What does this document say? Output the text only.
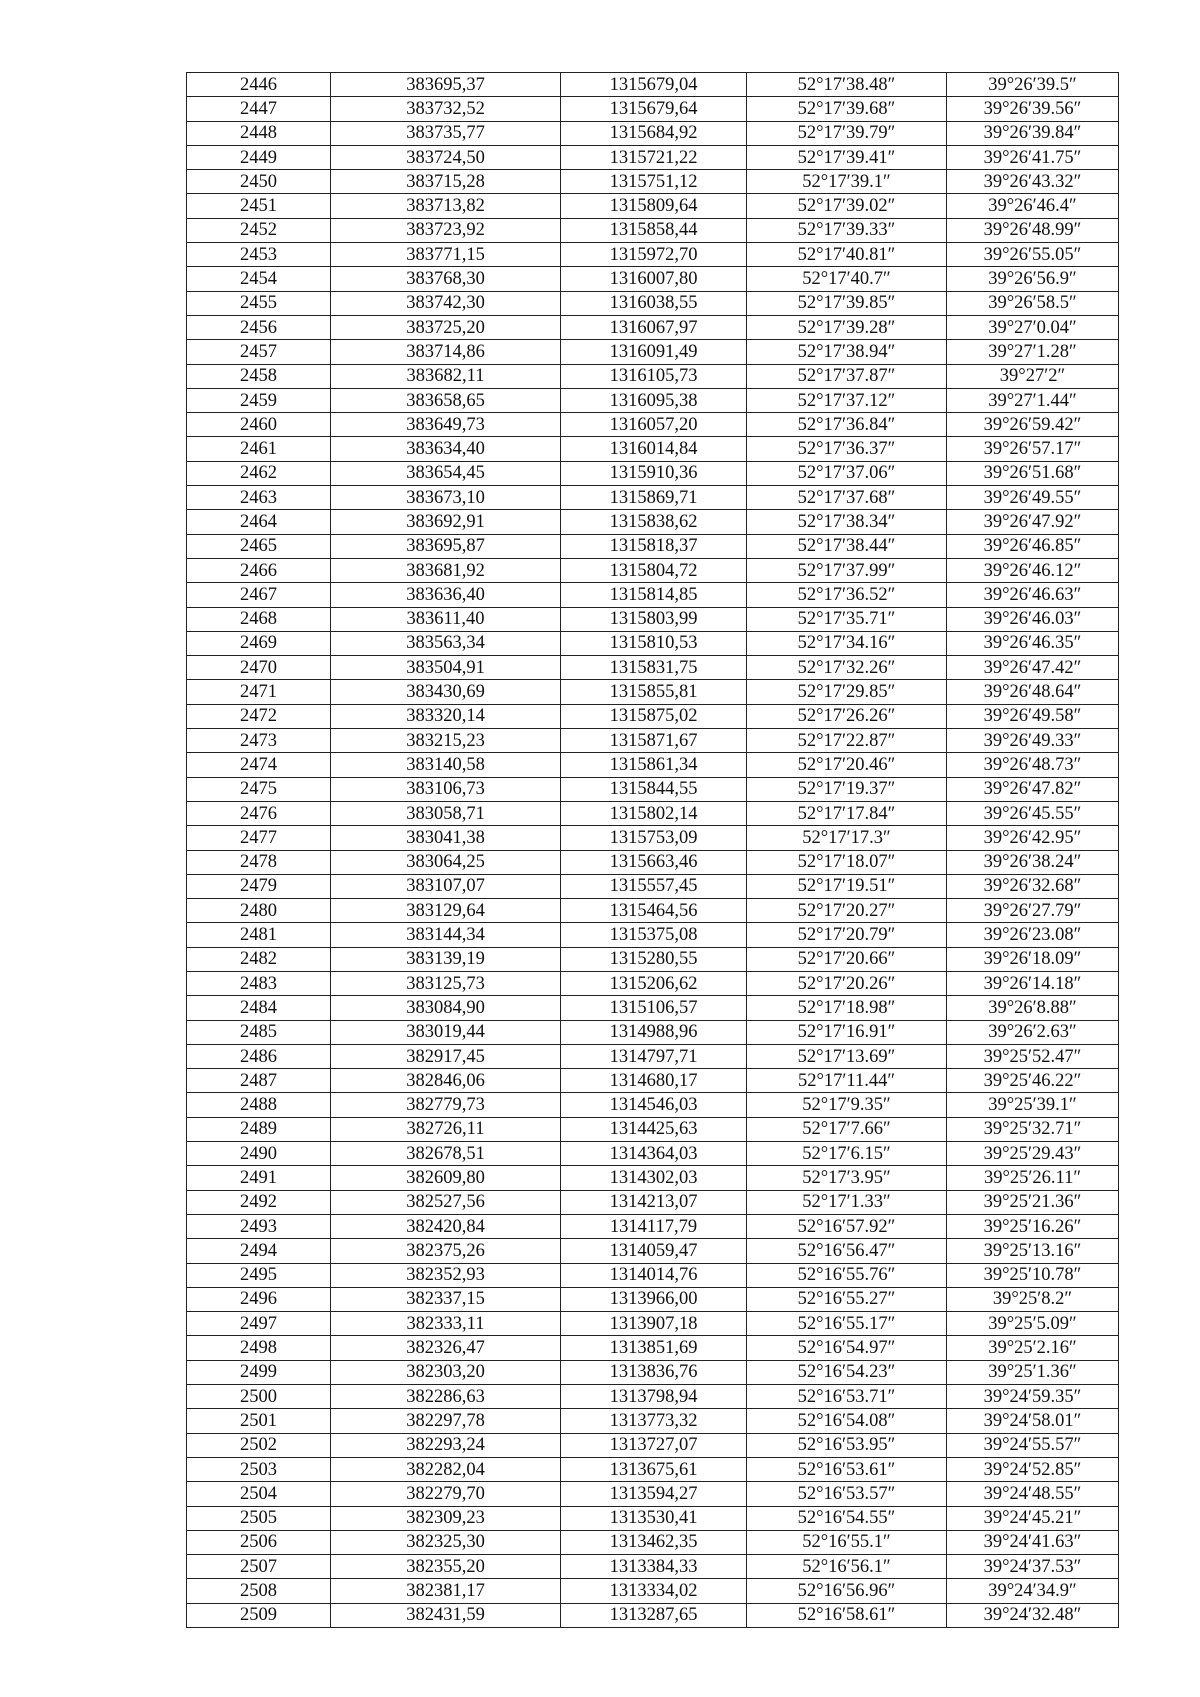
2446	383695,37	1315679,04	52°17′38.48″	39°26′39.5″
2447	383732,52	1315679,64	52°17′39.68″	39°26′39.56″
2448	383735,77	1315684,92	52°17′39.79″	39°26′39.84″
2449	383724,50	1315721,22	52°17′39.41″	39°26′41.75″
2450	383715,28	1315751,12	52°17′39.1″	39°26′43.32″
2451	383713,82	1315809,64	52°17′39.02″	39°26′46.4″
2452	383723,92	1315858,44	52°17′39.33″	39°26′48.99″
2453	383771,15	1315972,70	52°17′40.81″	39°26′55.05″
2454	383768,30	1316007,80	52°17′40.7″	39°26′56.9″
2455	383742,30	1316038,55	52°17′39.85″	39°26′58.5″
2456	383725,20	1316067,97	52°17′39.28″	39°27′0.04″
2457	383714,86	1316091,49	52°17′38.94″	39°27′1.28″
2458	383682,11	1316105,73	52°17′37.87″	39°27′2″
2459	383658,65	1316095,38	52°17′37.12″	39°27′1.44″
2460	383649,73	1316057,20	52°17′36.84″	39°26′59.42″
2461	383634,40	1316014,84	52°17′36.37″	39°26′57.17″
2462	383654,45	1315910,36	52°17′37.06″	39°26′51.68″
2463	383673,10	1315869,71	52°17′37.68″	39°26′49.55″
2464	383692,91	1315838,62	52°17′38.34″	39°26′47.92″
2465	383695,87	1315818,37	52°17′38.44″	39°26′46.85″
2466	383681,92	1315804,72	52°17′37.99″	39°26′46.12″
2467	383636,40	1315814,85	52°17′36.52″	39°26′46.63″
2468	383611,40	1315803,99	52°17′35.71″	39°26′46.03″
2469	383563,34	1315810,53	52°17′34.16″	39°26′46.35″
2470	383504,91	1315831,75	52°17′32.26″	39°26′47.42″
2471	383430,69	1315855,81	52°17′29.85″	39°26′48.64″
2472	383320,14	1315875,02	52°17′26.26″	39°26′49.58″
2473	383215,23	1315871,67	52°17′22.87″	39°26′49.33″
2474	383140,58	1315861,34	52°17′20.46″	39°26′48.73″
2475	383106,73	1315844,55	52°17′19.37″	39°26′47.82″
2476	383058,71	1315802,14	52°17′17.84″	39°26′45.55″
2477	383041,38	1315753,09	52°17′17.3″	39°26′42.95″
2478	383064,25	1315663,46	52°17′18.07″	39°26′38.24″
2479	383107,07	1315557,45	52°17′19.51″	39°26′32.68″
2480	383129,64	1315464,56	52°17′20.27″	39°26′27.79″
2481	383144,34	1315375,08	52°17′20.79″	39°26′23.08″
2482	383139,19	1315280,55	52°17′20.66″	39°26′18.09″
2483	383125,73	1315206,62	52°17′20.26″	39°26′14.18″
2484	383084,90	1315106,57	52°17′18.98″	39°26′8.88″
2485	383019,44	1314988,96	52°17′16.91″	39°26′2.63″
2486	382917,45	1314797,71	52°17′13.69″	39°25′52.47″
2487	382846,06	1314680,17	52°17′11.44″	39°25′46.22″
2488	382779,73	1314546,03	52°17′9.35″	39°25′39.1″
2489	382726,11	1314425,63	52°17′7.66″	39°25′32.71″
2490	382678,51	1314364,03	52°17′6.15″	39°25′29.43″
2491	382609,80	1314302,03	52°17′3.95″	39°25′26.11″
2492	382527,56	1314213,07	52°17′1.33″	39°25′21.36″
2493	382420,84	1314117,79	52°16′57.92″	39°25′16.26″
2494	382375,26	1314059,47	52°16′56.47″	39°25′13.16″
2495	382352,93	1314014,76	52°16′55.76″	39°25′10.78″
2496	382337,15	1313966,00	52°16′55.27″	39°25′8.2″
2497	382333,11	1313907,18	52°16′55.17″	39°25′5.09″
2498	382326,47	1313851,69	52°16′54.97″	39°25′2.16″
2499	382303,20	1313836,76	52°16′54.23″	39°25′1.36″
2500	382286,63	1313798,94	52°16′53.71″	39°24′59.35″
2501	382297,78	1313773,32	52°16′54.08″	39°24′58.01″
2502	382293,24	1313727,07	52°16′53.95″	39°24′55.57″
2503	382282,04	1313675,61	52°16′53.61″	39°24′52.85″
2504	382279,70	1313594,27	52°16′53.57″	39°24′48.55″
2505	382309,23	1313530,41	52°16′54.55″	39°24′45.21″
2506	382325,30	1313462,35	52°16′55.1″	39°24′41.63″
2507	382355,20	1313384,33	52°16′56.1″	39°24′37.53″
2508	382381,17	1313334,02	52°16′56.96″	39°24′34.9″
2509	382431,59	1313287,65	52°16′58.61″	39°24′32.48″
